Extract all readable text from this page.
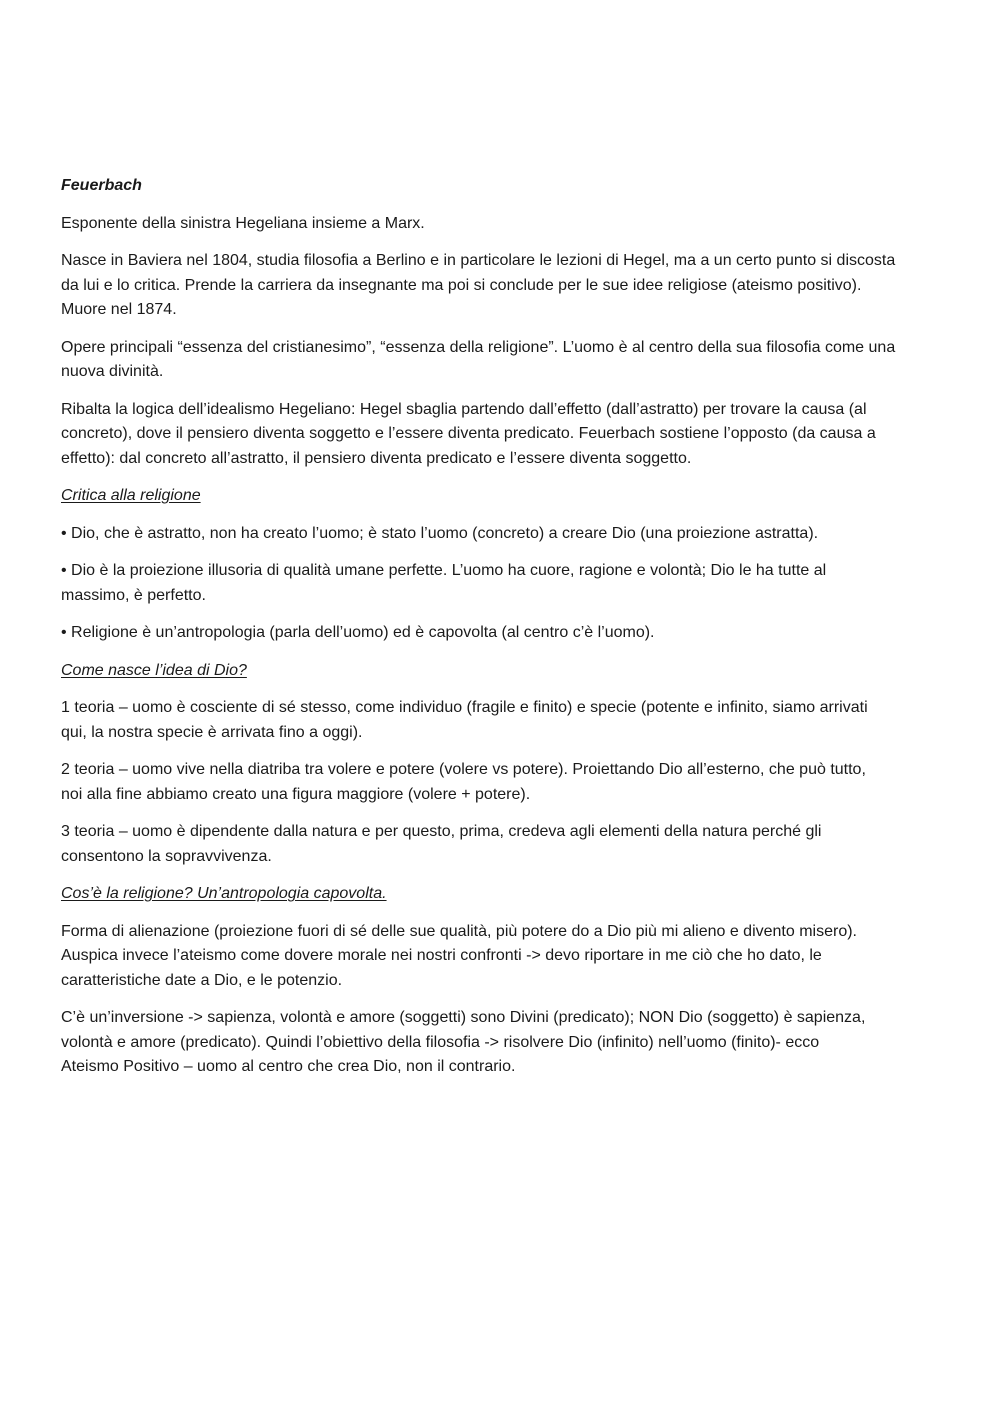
Feuerbach

Esponente della sinistra Hegeliana insieme a Marx.

Nasce in Baviera nel 1804, studia filosofia a Berlino e in particolare le lezioni di Hegel, ma a un certo punto si discosta
da lui e lo critica. Prende la carriera da insegnante ma poi si conclude per le sue idee religiose (ateismo positivo).
Muore nel 1874.

Opere principali “essenza del cristianesimo”, “essenza della religione”. L’uomo è al centro della sua filosofia come una
nuova divinità.

Ribalta la logica dell’idealismo Hegeliano: Hegel sbaglia partendo dall’effetto (dall’astratto) per trovare la causa (al
concreto), dove il pensiero diventa soggetto e l’essere diventa predicato. Feuerbach sostiene l’opposto (da causa a
effetto): dal concreto all’astratto, il pensiero diventa predicato e l’essere diventa soggetto.

Critica alla religione

• Dio, che è astratto, non ha creato l’uomo; è stato l’uomo (concreto) a creare Dio (una proiezione astratta).

• Dio è la proiezione illusoria di qualità umane perfette. L’uomo ha cuore, ragione e volontà; Dio le ha tutte al
massimo, è perfetto.

• Religione è un’antropologia (parla dell’uomo) ed è capovolta (al centro c’è l’uomo).

Come nasce l’idea di Dio?

1 teoria – uomo è cosciente di sé stesso, come individuo (fragile e finito) e specie (potente e infinito, siamo arrivati
qui, la nostra specie è arrivata fino a oggi).

2 teoria – uomo vive nella diatriba tra volere e potere (volere vs potere). Proiettando Dio all’esterno, che può tutto,
noi alla fine abbiamo creato una figura maggiore (volere + potere).

3 teoria – uomo è dipendente dalla natura e per questo, prima, credeva agli elementi della natura perché gli
consentono la sopravvivenza.

Cos’è la religione? Un’antropologia capovolta.

Forma di alienazione (proiezione fuori di sé delle sue qualità, più potere do a Dio più mi alieno e divento misero).
Auspica invece l’ateismo come dovere morale nei nostri confronti -> devo riportare in me ciò che ho dato, le
caratteristiche date a Dio, e le potenzio.

C’è un’inversione -> sapienza, volontà e amore (soggetti) sono Divini (predicato); NON Dio (soggetto) è sapienza,
volontà e amore (predicato). Quindi l’obiettivo della filosofia -> risolvere Dio (infinito) nell’uomo (finito)- ecco
Ateismo Positivo – uomo al centro che crea Dio, non il contrario.
